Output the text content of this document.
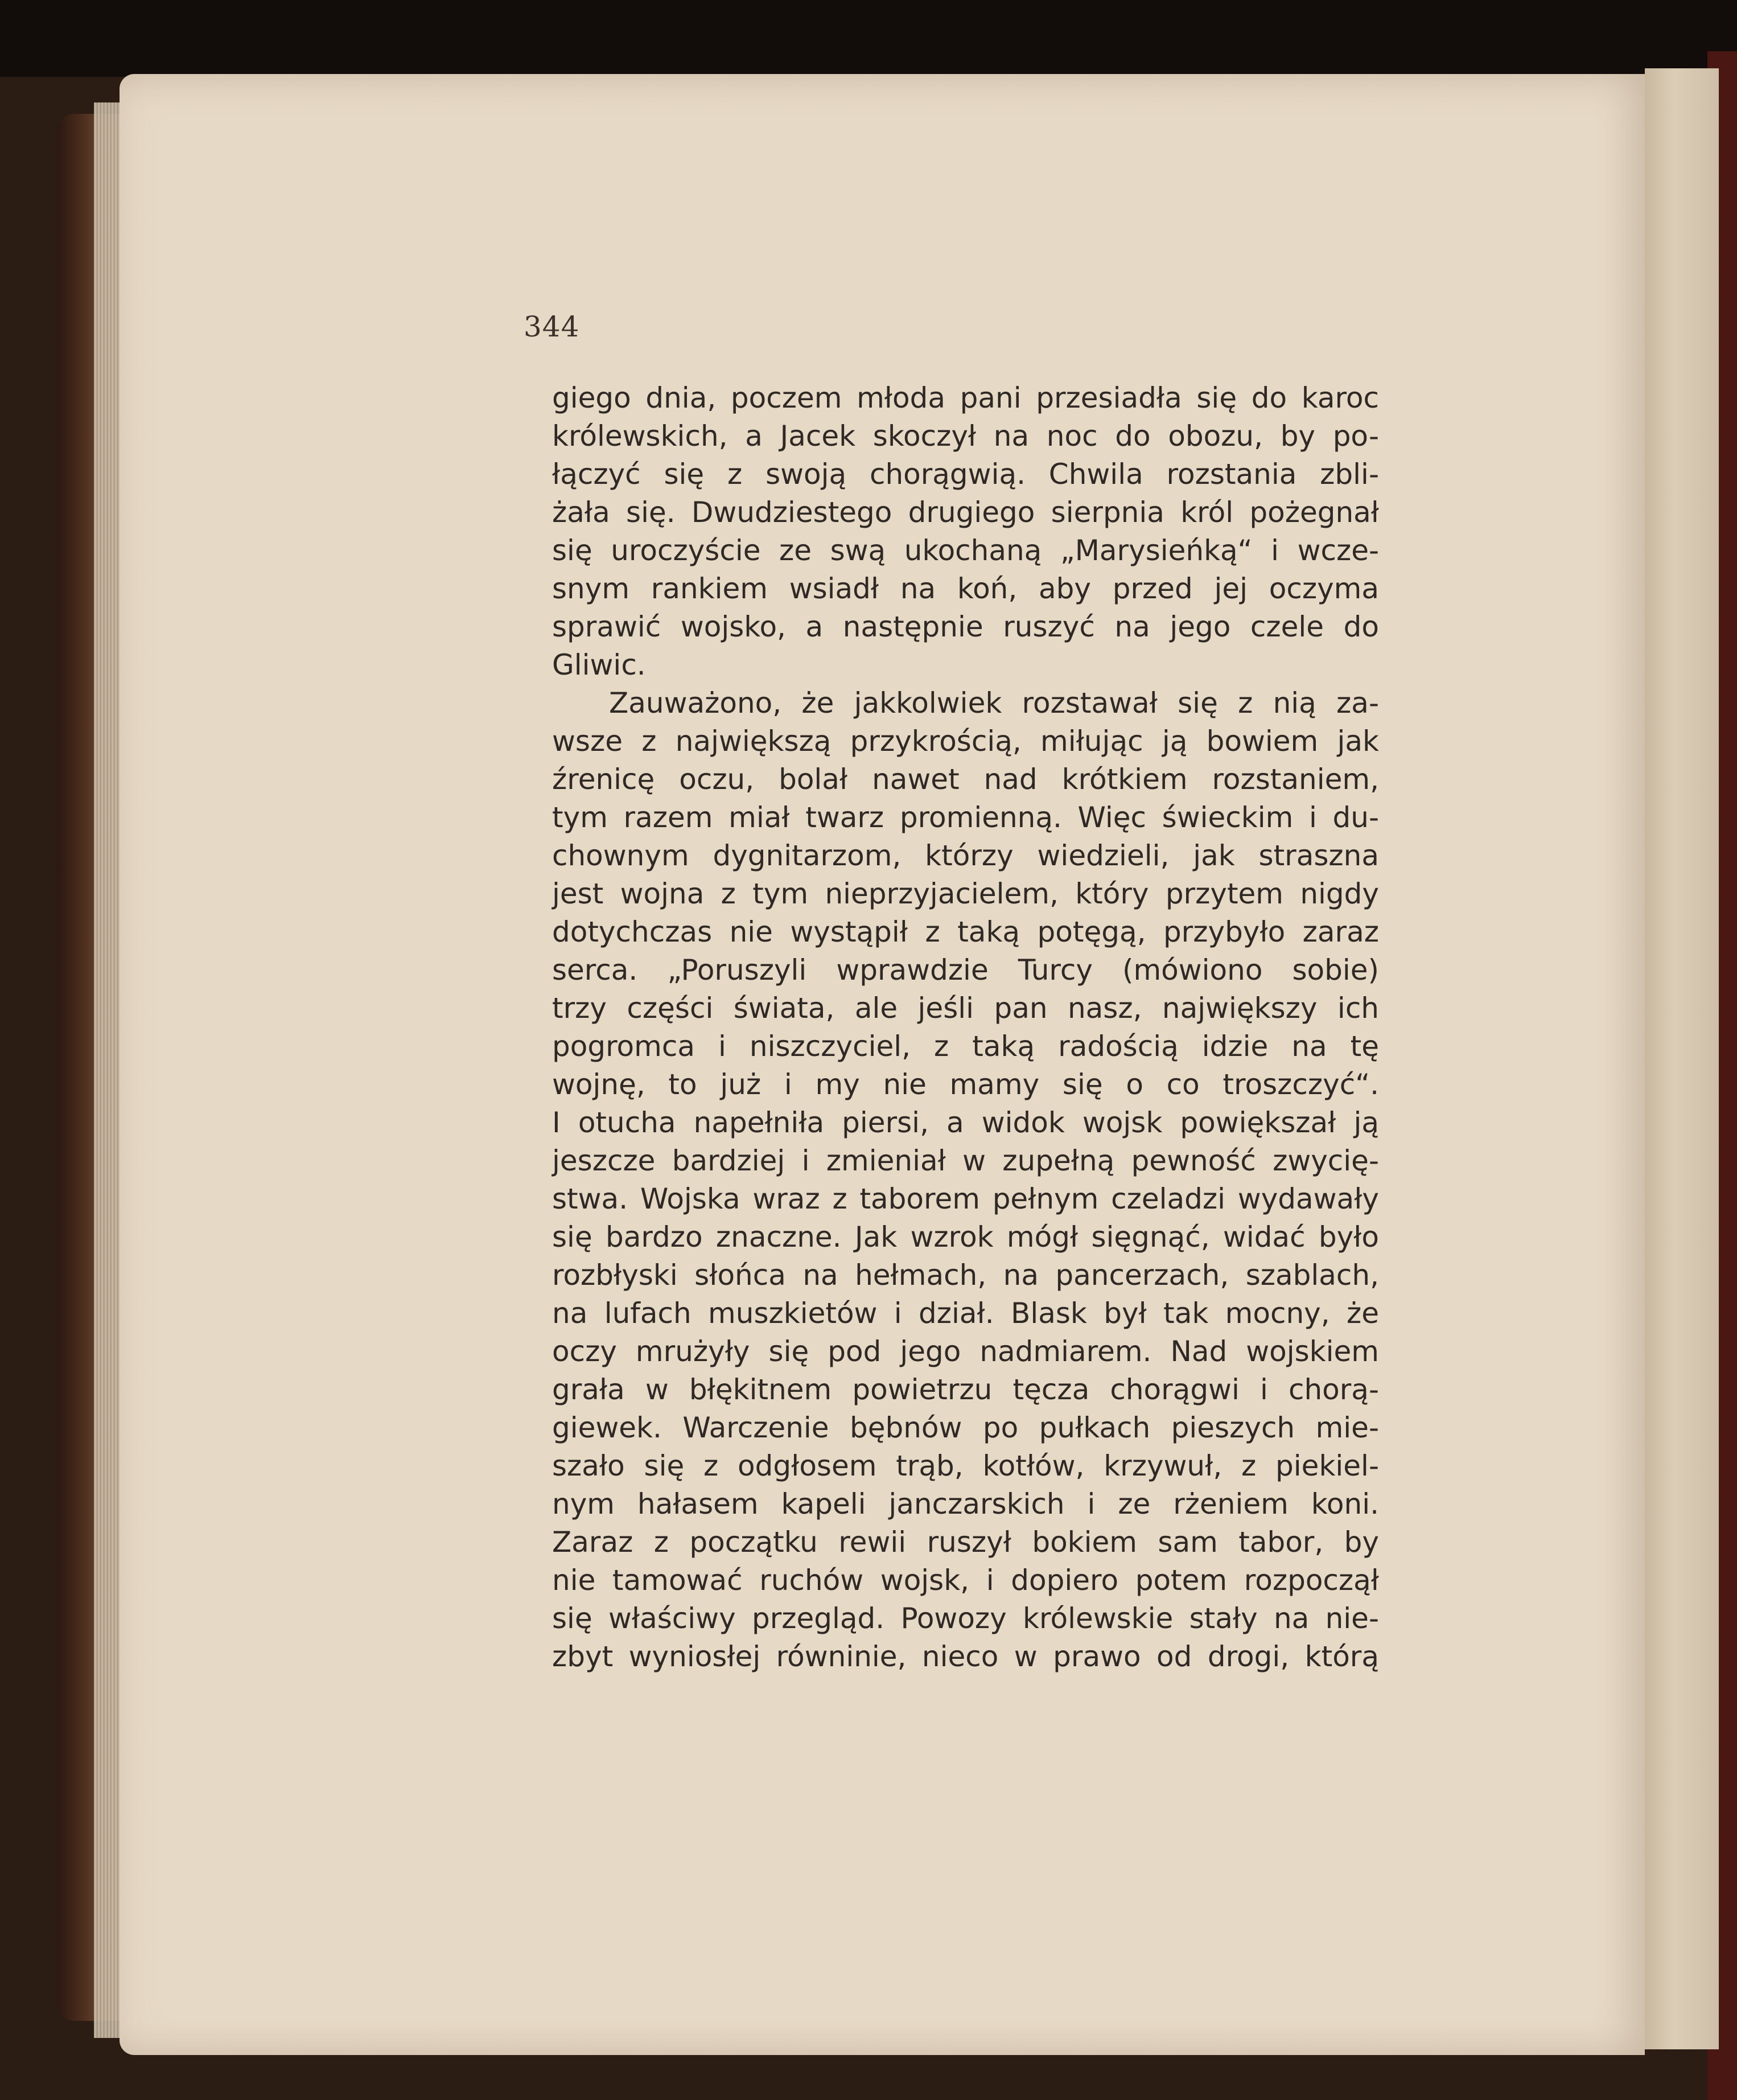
344
giego dnia, poczem młoda pani przesiadła się do karoc
królewskich, a Jacek skoczył na noc do obozu, by po-
łączyć się z swoją chorągwią. Chwila rozstania zbli-
żała się. Dwudziestego drugiego sierpnia król pożegnał
się uroczyście ze swą ukochaną „Marysieńką“ i wcze-
snym rankiem wsiadł na koń, aby przed jej oczyma
sprawić wojsko, a następnie ruszyć na jego czele do
Gliwic.
Zauważono, że jakkolwiek rozstawał się z nią za-
wsze z największą przykrością, miłując ją bowiem jak
źrenicę oczu, bolał nawet nad krótkiem rozstaniem,
tym razem miał twarz promienną. Więc świeckim i du-
chownym dygnitarzom, którzy wiedzieli, jak straszna
jest wojna z tym nieprzyjacielem, który przytem nigdy
dotychczas nie wystąpił z taką potęgą, przybyło zaraz
serca. „Poruszyli wprawdzie Turcy (mówiono sobie)
trzy części świata, ale jeśli pan nasz, największy ich
pogromca i niszczyciel, z taką radością idzie na tę
wojnę, to już i my nie mamy się o co troszczyć“.
I otucha napełniła piersi, a widok wojsk powiększał ją
jeszcze bardziej i zmieniał w zupełną pewność zwycię-
stwa. Wojska wraz z taborem pełnym czeladzi wydawały
się bardzo znaczne. Jak wzrok mógł sięgnąć, widać było
rozbłyski słońca na hełmach, na pancerzach, szablach,
na lufach muszkietów i dział. Blask był tak mocny, że
oczy mrużyły się pod jego nadmiarem. Nad wojskiem
grała w błękitnem powietrzu tęcza chorągwi i chorą-
giewek. Warczenie bębnów po pułkach pieszych mie-
szało się z odgłosem trąb, kotłów, krzywuł, z piekiel-
nym hałasem kapeli janczarskich i ze rżeniem koni.
Zaraz z początku rewii ruszył bokiem sam tabor, by
nie tamować ruchów wojsk, i dopiero potem rozpoczął
się właściwy przegląd. Powozy królewskie stały na nie-
zbyt wyniosłej równinie, nieco w prawo od drogi, którą
